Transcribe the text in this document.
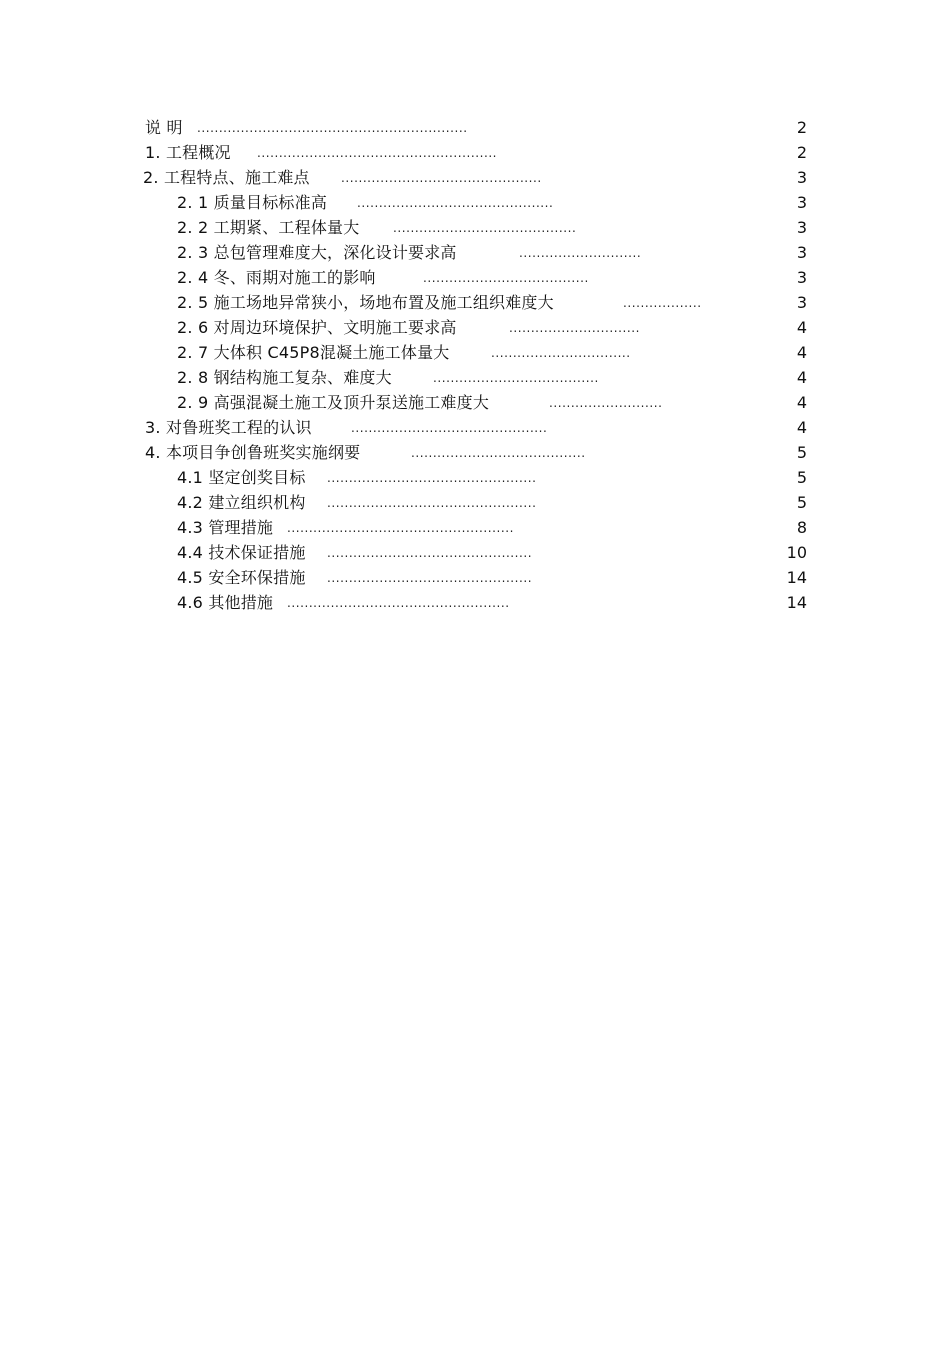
说 明 ..............................................................	2
1. 工程概况 .......................................................	2
2. 工程特点、施工难点	..............................................	3
2. 1 质量目标标准高 .............................................	3
2. 2 工期紧、工程体量大	..........................................	3
2. 3 总包管理难度大，深化设计要求高	............................	3
2. 4 冬、雨期对施工的影响	......................................	3
2. 5 施工场地异常狭小，场地布置及施工组织难度大	..................	3
2. 6 对周边环境保护、文明施工要求高	..............................	4
2. 7 大体积 C45P8混凝土施工体量大	................................	4
2. 8 钢结构施工复杂、难度大	......................................	4
2. 9 高强混凝土施工及顶升泵送施工难度大	..........................	4
3. 对鲁班奖工程的认识	.............................................	4
4. 本项目争创鲁班奖实施纲要	........................................	5
4.1 坚定创奖目标 ................................................	5
4.2 建立组织机构 ................................................	5
4.3 管理措施 ....................................................	8
4.4 技术保证措施 ...............................................	10
4.5 安全环保措施 ...............................................	14
4.6 其他措施 ...................................................	14
